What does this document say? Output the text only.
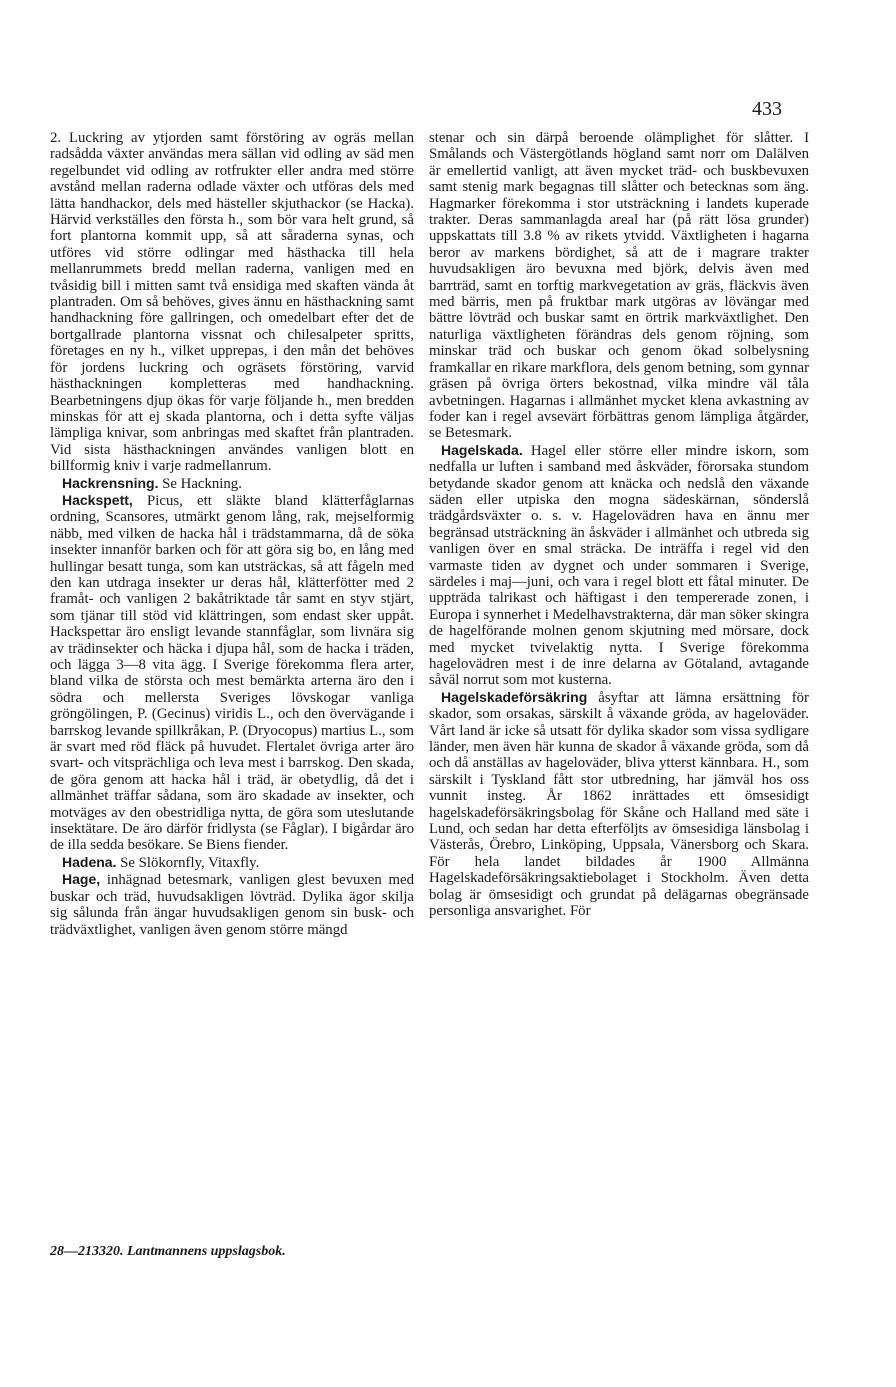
433

2. Luckring av ytjorden samt förstöring av ogräs mellan radsådda växter användas mera sällan vid odling av säd men regelbundet vid odling av rotfrukter eller andra med större avstånd mellan raderna odlade växter och utföras dels med lätta handhackor, dels med hästeller skjuthackor (se Hacka). Härvid verkställes den första h., som bör vara helt grund, så fort plantorna kommit upp, så att såraderna synas, och utföres vid större odlingar med hästhacka till hela mellanrummets bredd mellan raderna, vanligen med en tvåsidig bill i mitten samt två ensidiga med skaften vända åt plantraden. Om så behöves, gives ännu en hästhackning samt handhackning före gallringen, och omedelbart efter det de bortgallrade plantorna vissnat och chilesalpeter spritts, företages en ny h., vilket upprepas, i den mån det behöves för jordens luckring och ogräsets förstöring, varvid hästhackningen kompletteras med handhackning. Bearbetningens djup ökas för varje följande h., men bredden minskas för att ej skada plantorna, och i detta syfte väljas lämpliga knivar, som anbringas med skaftet från plantraden. Vid sista hästhackningen användes vanligen blott en billformig kniv i varje radmellanrum.

Hackrensning. Se Hackning.

Hackspett, Picus, ett släkte bland klätterfåglarnas ordning, Scansores, utmärkt genom lång, rak, mejselformig näbb, med vilken de hacka hål i trädstammarna, då de söka insekter innanför barken och för att göra sig bo, en lång med hullingar besatt tunga, som kan utsträckas, så att fågeln med den kan utdraga insekter ur deras hål, klätterfötter med 2 framåt- och vanligen 2 bakåtriktade tår samt en styv stjärt, som tjänar till stöd vid klättringen, som endast sker uppåt. Hackspettar äro ensligt levande stannfåglar, som livnära sig av trädinsekter och häcka i djupa hål, som de hacka i träden, och lägga 3—8 vita ägg. I Sverige förekomma flera arter, bland vilka de största och mest bemärkta arterna äro den i södra och mellersta Sveriges lövskogar vanliga gröngölingen, P. (Gecinus) viridis L., och den övervägande i barrskog levande spillkråkan, P. (Dryocopus) martius L., som är svart med röd fläck på huvudet. Flertalet övriga arter äro svart- och vitsprächliga och leva mest i barrskog. Den skada, de göra genom att hacka hål i träd, är obetydlig, då det i allmänhet träffar sådana, som äro skadade av insekter, och motväges av den obestridliga nyttа, de göra som uteslutande insektätare. De äro därför fridlysta (se Fåglar). I bigårdar äro de illa sedda besökare. Se Biens fiender.

Hadena. Se Slökornfly, Vitaxfly.

Hage, inhägnad betesmark, vanligen glest bevuxen med buskar och träd, huvudsakligen lövträd. Dylika ägor skilja sig sålunda från ängar huvudsakligen genom sin busk- och trädväxtlighet, vanligen även genom större mängd

stenar och sin därpå beroende olämplighet för slåtter. I Smålands och Västergötlands högland samt norr om Dalälven är emellertid vanligt, att även mycket träd- och buskbevuxen samt stenig mark begagnas till slåtter och betecknas som äng. Hagmarker förekomma i stor utsträckning i landets kuperade trakter. Deras sammanlagda areal har (på rätt lösa grunder) uppskattats till 3.8 % av rikets ytvidd. Växtligheten i hagarna beror av markens bördighet, så att de i magrare trakter huvudsakligen äro bevuxna med björk, delvis även med barrträd, samt en torftig markvegetation av gräs, fläckvis även med bärris, men på fruktbar mark utgöras av lövängar med bättre lövträd och buskar samt en örtrik markväxtlighet. Den naturliga växtligheten förändras dels genom röjning, som minskar träd och buskar och genom ökad solbelysning framkallar en rikare markflora, dels genom betning, som gynnar gräsen på övriga örters bekostnad, vilka mindre väl tåla avbetningen. Hagarnas i allmänhet mycket klena avkastning av foder kan i regel avsevärt förbättras genom lämpliga åtgärder, se Betesmark.

Hagelskada. Hagel eller större eller mindre iskorn, som nedfalla ur luften i samband med åskväder, förorsaka stundom betydande skador genom att knäcka och nedslå den växande säden eller utpiska den mogna sädeskärnan, sönderslå trädgårdsväxter o. s. v. Hagelovädren hava en ännu mer begränsad utsträckning än åskväder i allmänhet och utbreda sig vanligen över en smal sträcka. De inträffa i regel vid den varmaste tiden av dygnet och under sommaren i Sverige, särdeles i maj—juni, och vara i regel blott ett fåtal minuter. De uppträda talrikast och häftigast i den tempererade zonen, i Europa i synnerhet i Medelhavstrakterna, där man söker skingra de hagelförande molnen genom skjutning med mörsare, dock med mycket tvivelaktig nytta. I Sverige förekomma hagelovädren mest i de inre delarna av Götaland, avtagande såväl norrut som mot kusterna.

Hagelskadeförsäkring åsyftar att lämna ersättning för skador, som orsakas, särskilt å växande gröda, av hageloväder. Vårt land är icke så utsatt för dylika skador som vissa sydligare länder, men även här kunna de skador å växande gröda, som då och då anställas av hageloväder, bliva ytterst kännbara. H., som särskilt i Tyskland fått stor utbredning, har jämväl hos oss vunnit insteg. År 1862 inrättades ett ömsesidigt hagelskadeförsäkringsbolag för Skåne och Halland med säte i Lund, och sedan har detta efterföljts av ömsesidiga länsbolag i Västerås, Örebro, Linköping, Uppsala, Vänersborg och Skara. För hela landet bildades år 1900 Allmänna Hagelskadeförsäkringsaktiebolaget i Stockholm. Även detta bolag är ömsesidigt och grundat på delägarnas obegränsade personliga ansvarighet. För

28—213320. Lantmannens uppslagsbok.
